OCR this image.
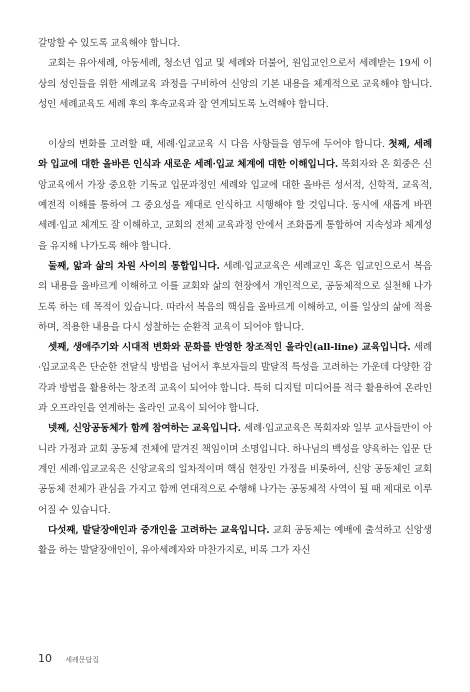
갈망할 수 있도록 교육해야 합니다.

교회는 유아세례, 아동세례, 청소년 입교 및 세례와 더불어, 원입교인으로서 세례받는 19세 이상의 성인들을 위한 세례교육 과정을 구비하여 신앙의 기본 내용을 체계적으로 교육해야 합니다. 성인 세례교육도 세례 후의 후속교육과 잘 연계되도록 노력해야 합니다.

이상의 변화를 고려할 때, 세례·입교교육 시 다음 사항들을 염두에 두어야 합니다. 첫째, 세례와 입교에 대한 올바른 인식과 새로운 세례·입교 체계에 대한 이해입니다. 목회자와 온 회중은 신앙교육에서 가장 중요한 기독교 입문과정인 세례와 입교에 대한 올바른 성서적, 신학적, 교육적, 예전적 이해를 통하여 그 중요성을 제대로 인식하고 시행해야 할 것입니다. 동시에 새롭게 바뀐 세례·입교 체계도 잘 이해하고, 교회의 전체 교육과정 안에서 조화롭게 통합하여 지속성과 체계성을 유지해 나가도록 해야 합니다.

둘째, 앎과 삶의 차원 사이의 통합입니다. 세례·입교교육은 세례교인 혹은 입교인으로서 복음의 내용을 올바르게 이해하고 이를 교회와 삶의 현장에서 개인적으로, 공동체적으로 실천해 나가도록 하는 데 목적이 있습니다. 따라서 복음의 핵심을 올바르게 이해하고, 이를 일상의 삶에 적용하며, 적용한 내용을 다시 성찰하는 순환적 교육이 되어야 합니다.

셋째, 생애주기와 시대적 변화와 문화를 반영한 창조적인 올라인(all-line) 교육입니다. 세례·입교교육은 단순한 전달식 방법을 넘어서 후보자들의 발달적 특성을 고려하는 가운데 다양한 감각과 방법을 활용하는 창조적 교육이 되어야 합니다. 특히 디지털 미디어를 적극 활용하여 온라인과 오프라인을 연계하는 올라인 교육이 되어야 합니다.

넷째, 신앙공동체가 함께 참여하는 교육입니다. 세례·입교교육은 목회자와 일부 교사들만이 아니라 가정과 교회 공동체 전체에 맡겨진 책임이며 소명입니다. 하나님의 백성을 양육하는 입문 단계인 세례·입교교육은 신앙교육의 일차적이며 핵심 현장인 가정을 비롯하여, 신앙 공동체인 교회 공동체 전체가 관심을 가지고 함께 연대적으로 수행해 나가는 공동체적 사역이 될 때 제대로 이루어질 수 있습니다.

다섯째, 발달장애인과 중개인을 고려하는 교육입니다. 교회 공동체는 예배에 출석하고 신앙생활을 하는 발달장애인이, 유아세례자와 마찬가지로, 비록 그가 자신

10 세례문답집
